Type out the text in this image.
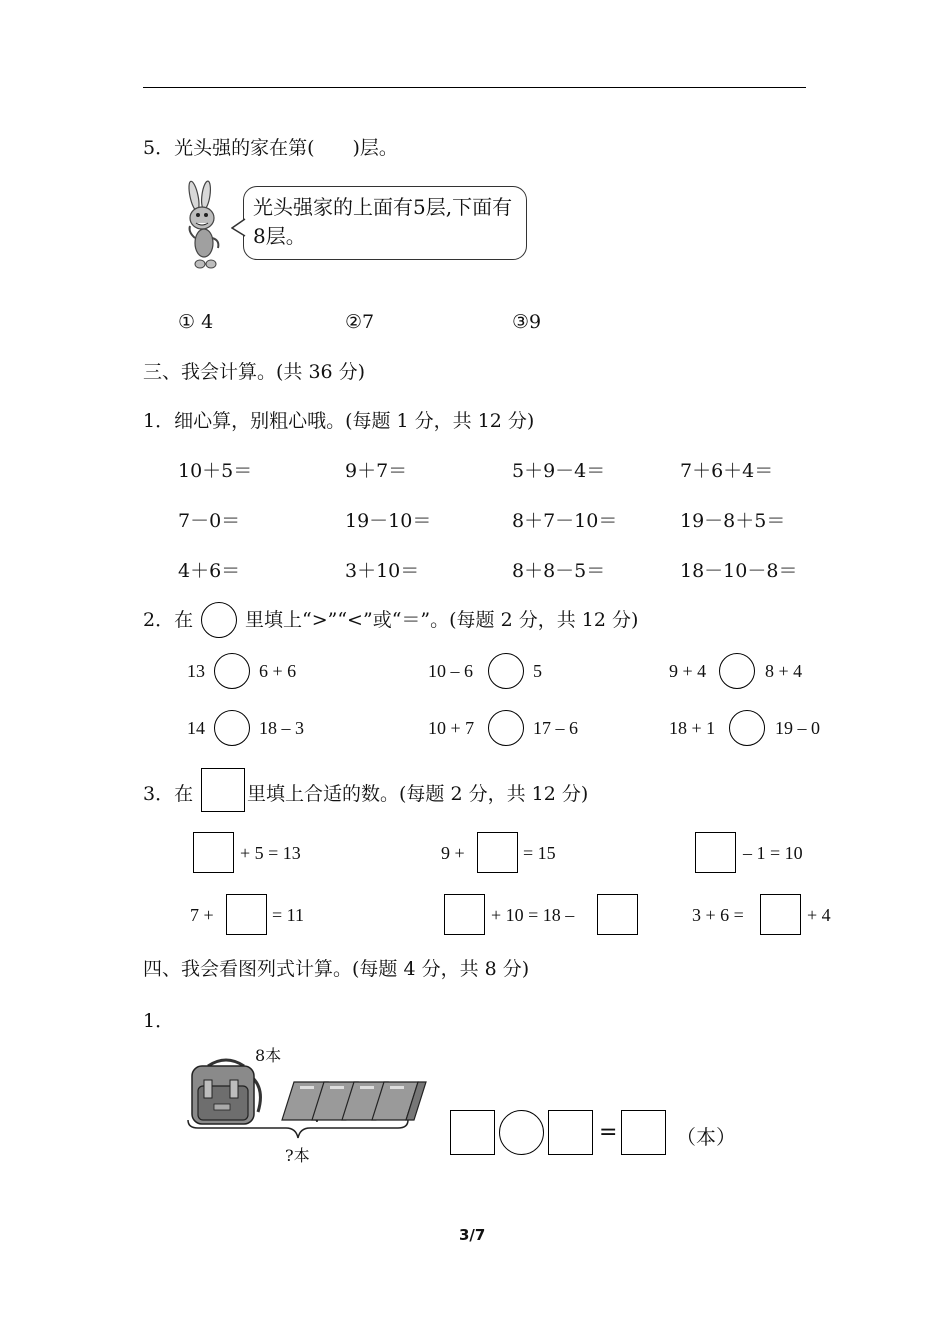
5．光头强的家在第(　　)层。
光头强家的上面有5层,下面有8层。
① 4	②7	③9
三、我会计算。(共 36 分)
1．细心算，别粗心哦。(每题 1 分，共 12 分)
10＋5＝	9＋7＝	5＋9－4＝	7＋6＋4＝
7－0＝	19－10＝	8＋7－10＝	19－8＋5＝
4＋6＝	3＋10＝	8＋8－5＝	18－10－8＝
2．在	里填上“>”“<”或“＝”。(每题 2 分，共 12 分)
13	6 + 6	10 – 6	5	9 + 4	8 + 4
14	18 – 3	10 + 7	17 – 6	18 + 1	19 – 0
3．在	里填上合适的数。(每题 2 分，共 12 分)
+ 5 = 13	9 +	= 15	– 1 = 10
7 +	= 11	+ 10 = 18 –	3 + 6 =	+ 4
四、我会看图列式计算。(每题 4 分，共 8 分)
1．
8本
?本
=	（本）
3/7
